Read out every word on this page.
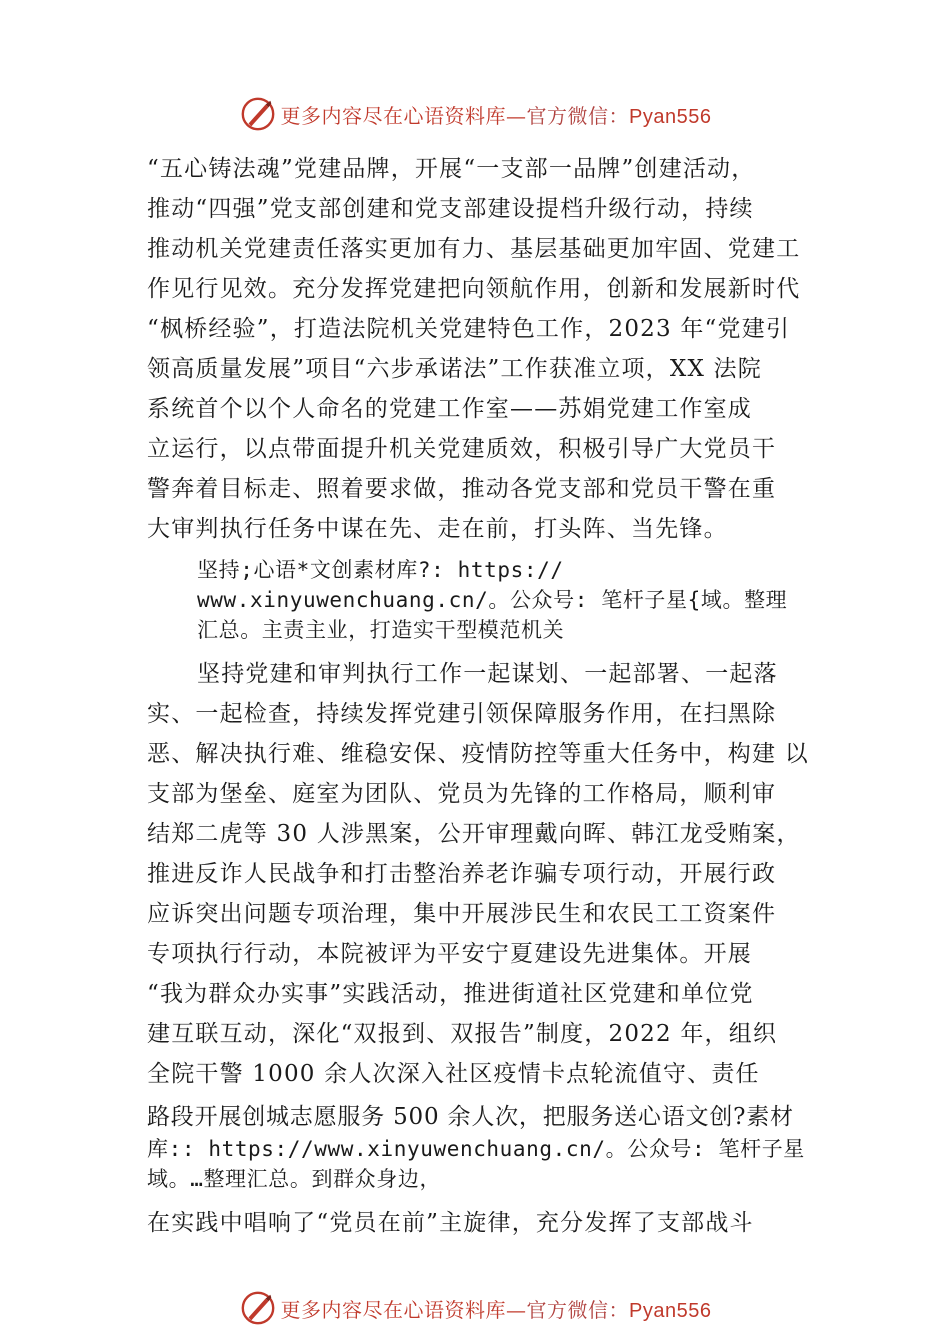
更多内容尽在心语资料库—官方微信：Pyan556
“五心铸法魂”党建品牌，开展“一支部一品牌”创建活动，
推动“四强”党支部创建和党支部建设提档升级行动，持续
推动机关党建责任落实更加有力、基层基础更加牢固、党建工
作见行见效。充分发挥党建把向领航作用，创新和发展新时代
“枫桥经验”，打造法院机关党建特色工作，2023 年“党建引
领高质量发展”项目“六步承诺法”工作获准立项，XX 法院
系统首个以个人命名的党建工作室——苏娟党建工作室成
立运行，以点带面提升机关党建质效，积极引导广大党员干
警奔着目标走、照着要求做，推动各党支部和党员干警在重
大审判执行任务中谋在先、走在前，打头阵、当先锋。
坚持;心语*文创素材库?: https://
www.xinyuwenchuang.cn/。公众号: 笔杆子星{域。整理
汇总。主责主业，打造实干型模范机关
坚持党建和审判执行工作一起谋划、一起部署、一起落
实、一起检查，持续发挥党建引领保障服务作用，在扫黑除
恶、解决执行难、维稳安保、疫情防控等重大任务中，构建 以
支部为堡垒、庭室为团队、党员为先锋的工作格局，顺利审
结郑二虎等 30 人涉黑案，公开审理戴向晖、韩江龙受贿案，
推进反诈人民战争和打击整治养老诈骗专项行动，开展行政
应诉突出问题专项治理，集中开展涉民生和农民工工资案件
专项执行行动，本院被评为平安宁夏建设先进集体。开展
“我为群众办实事”实践活动，推进街道社区党建和单位党
建互联互动，深化“双报到、双报告”制度，2022 年，组织
全院干警 1000 余人次深入社区疫情卡点轮流值守、责任
路段开展创城志愿服务 500 余人次，把服务送心语文创?素材
库:: https://www.xinyuwenchuang.cn/。公众号: 笔杆子星
域。…整理汇总。到群众身边，
在实践中唱响了“党员在前”主旋律，充分发挥了支部战斗
更多内容尽在心语资料库—官方微信：Pyan556
